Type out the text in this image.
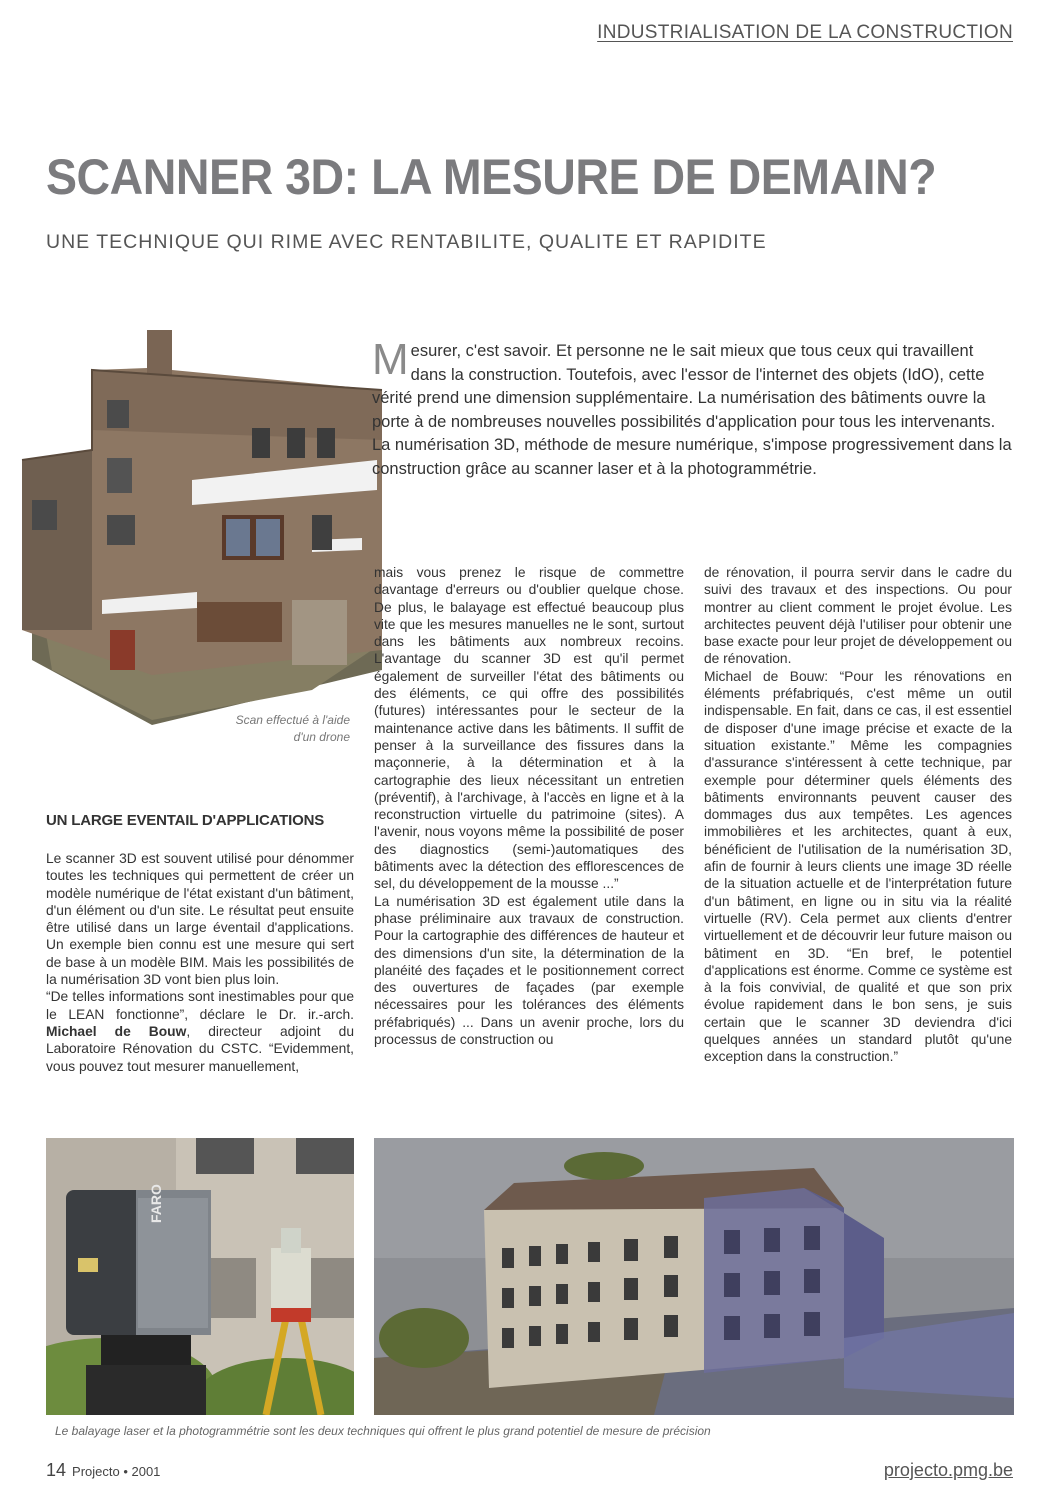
INDUSTRIALISATION DE LA CONSTRUCTION
SCANNER 3D: LA MESURE DE DEMAIN?
UNE TECHNIQUE QUI RIME AVEC RENTABILITE, QUALITE ET RAPIDITE
Scan effectué à l'aide d'un drone
Mesurer, c'est savoir. Et personne ne le sait mieux que tous ceux qui travaillent dans la construction. Toutefois, avec l'essor de l'internet des objets (IdO), cette vérité prend une dimension supplémentaire. La numérisation des bâtiments ouvre la porte à de nombreuses nouvelles possibilités d'application pour tous les intervenants. La numérisation 3D, méthode de mesure numérique, s'impose progressivement dans la construction grâce au scanner laser et à la photogrammétrie.
UN LARGE EVENTAIL D'APPLICATIONS

Le scanner 3D est souvent utilisé pour dénommer toutes les techniques qui permettent de créer un modèle numérique de l'état existant d'un bâtiment, d'un élément ou d'un site. Le résultat peut ensuite être utilisé dans un large éventail d'applications. Un exemple bien connu est une mesure qui sert de base à un modèle BIM. Mais les possibilités de la numérisation 3D vont bien plus loin.

“De telles informations sont inestimables pour que le LEAN fonctionne”, déclare le Dr. ir.-arch. Michael de Bouw, directeur adjoint du Laboratoire Rénovation du CSTC. “Evidemment, vous pouvez tout mesurer manuellement,

mais vous prenez le risque de commettre davantage d'erreurs ou d'oublier quelque chose. De plus, le balayage est effectué beaucoup plus vite que les mesures manuelles ne le sont, surtout dans les bâtiments aux nombreux recoins. L'avantage du scanner 3D est qu'il permet également de surveiller l'état des bâtiments ou des éléments, ce qui offre des possibilités (futures) intéressantes pour le secteur de la maintenance active dans les bâtiments. Il suffit de penser à la surveillance des fissures dans la maçonnerie, à la détermination et à la cartographie des lieux nécessitant un entretien (préventif), à l'archivage, à l'accès en ligne et à la reconstruction virtuelle du patrimoine (sites). A l'avenir, nous voyons même la possibilité de poser des diagnostics (semi-)automatiques des bâtiments avec la détection des efflorescences de sel, du développement de la mousse ...”

La numérisation 3D est également utile dans la phase préliminaire aux travaux de construction. Pour la cartographie des différences de hauteur et des dimensions d'un site, la détermination de la planéité des façades et le positionnement correct des ouvertures de façades (par exemple nécessaires pour les tolérances des éléments préfabriqués) ... Dans un avenir proche, lors du processus de construction ou

de rénovation, il pourra servir dans le cadre du suivi des travaux et des inspections. Ou pour montrer au client comment le projet évolue. Les architectes peuvent déjà l'utiliser pour obtenir une base exacte pour leur projet de développement ou de rénovation.

Michael de Bouw: “Pour les rénovations en éléments préfabriqués, c'est même un outil indispensable. En fait, dans ce cas, il est essentiel de disposer d'une image précise et exacte de la situation existante.” Même les compagnies d'assurance s'intéressent à cette technique, par exemple pour déterminer quels éléments des bâtiments environnants peuvent causer des dommages dus aux tempêtes. Les agences immobilières et les architectes, quant à eux, bénéficient de l'utilisation de la numérisation 3D, afin de fournir à leurs clients une image 3D réelle de la situation actuelle et de l'interprétation future d'un bâtiment, en ligne ou in situ via la réalité virtuelle (RV). Cela permet aux clients d'entrer virtuellement et de découvrir leur future maison ou bâtiment en 3D. “En bref, le potentiel d'applications est énorme. Comme ce système est à la fois convivial, de qualité et que son prix évolue rapidement dans le bon sens, je suis certain que le scanner 3D deviendra d'ici quelques années un standard plutôt qu'une exception dans la construction.”

FARO
Le balayage laser et la photogrammétrie sont les deux techniques qui offrent le plus grand potentiel de mesure de précision
14 Projecto • 2001	projecto.pmg.be
